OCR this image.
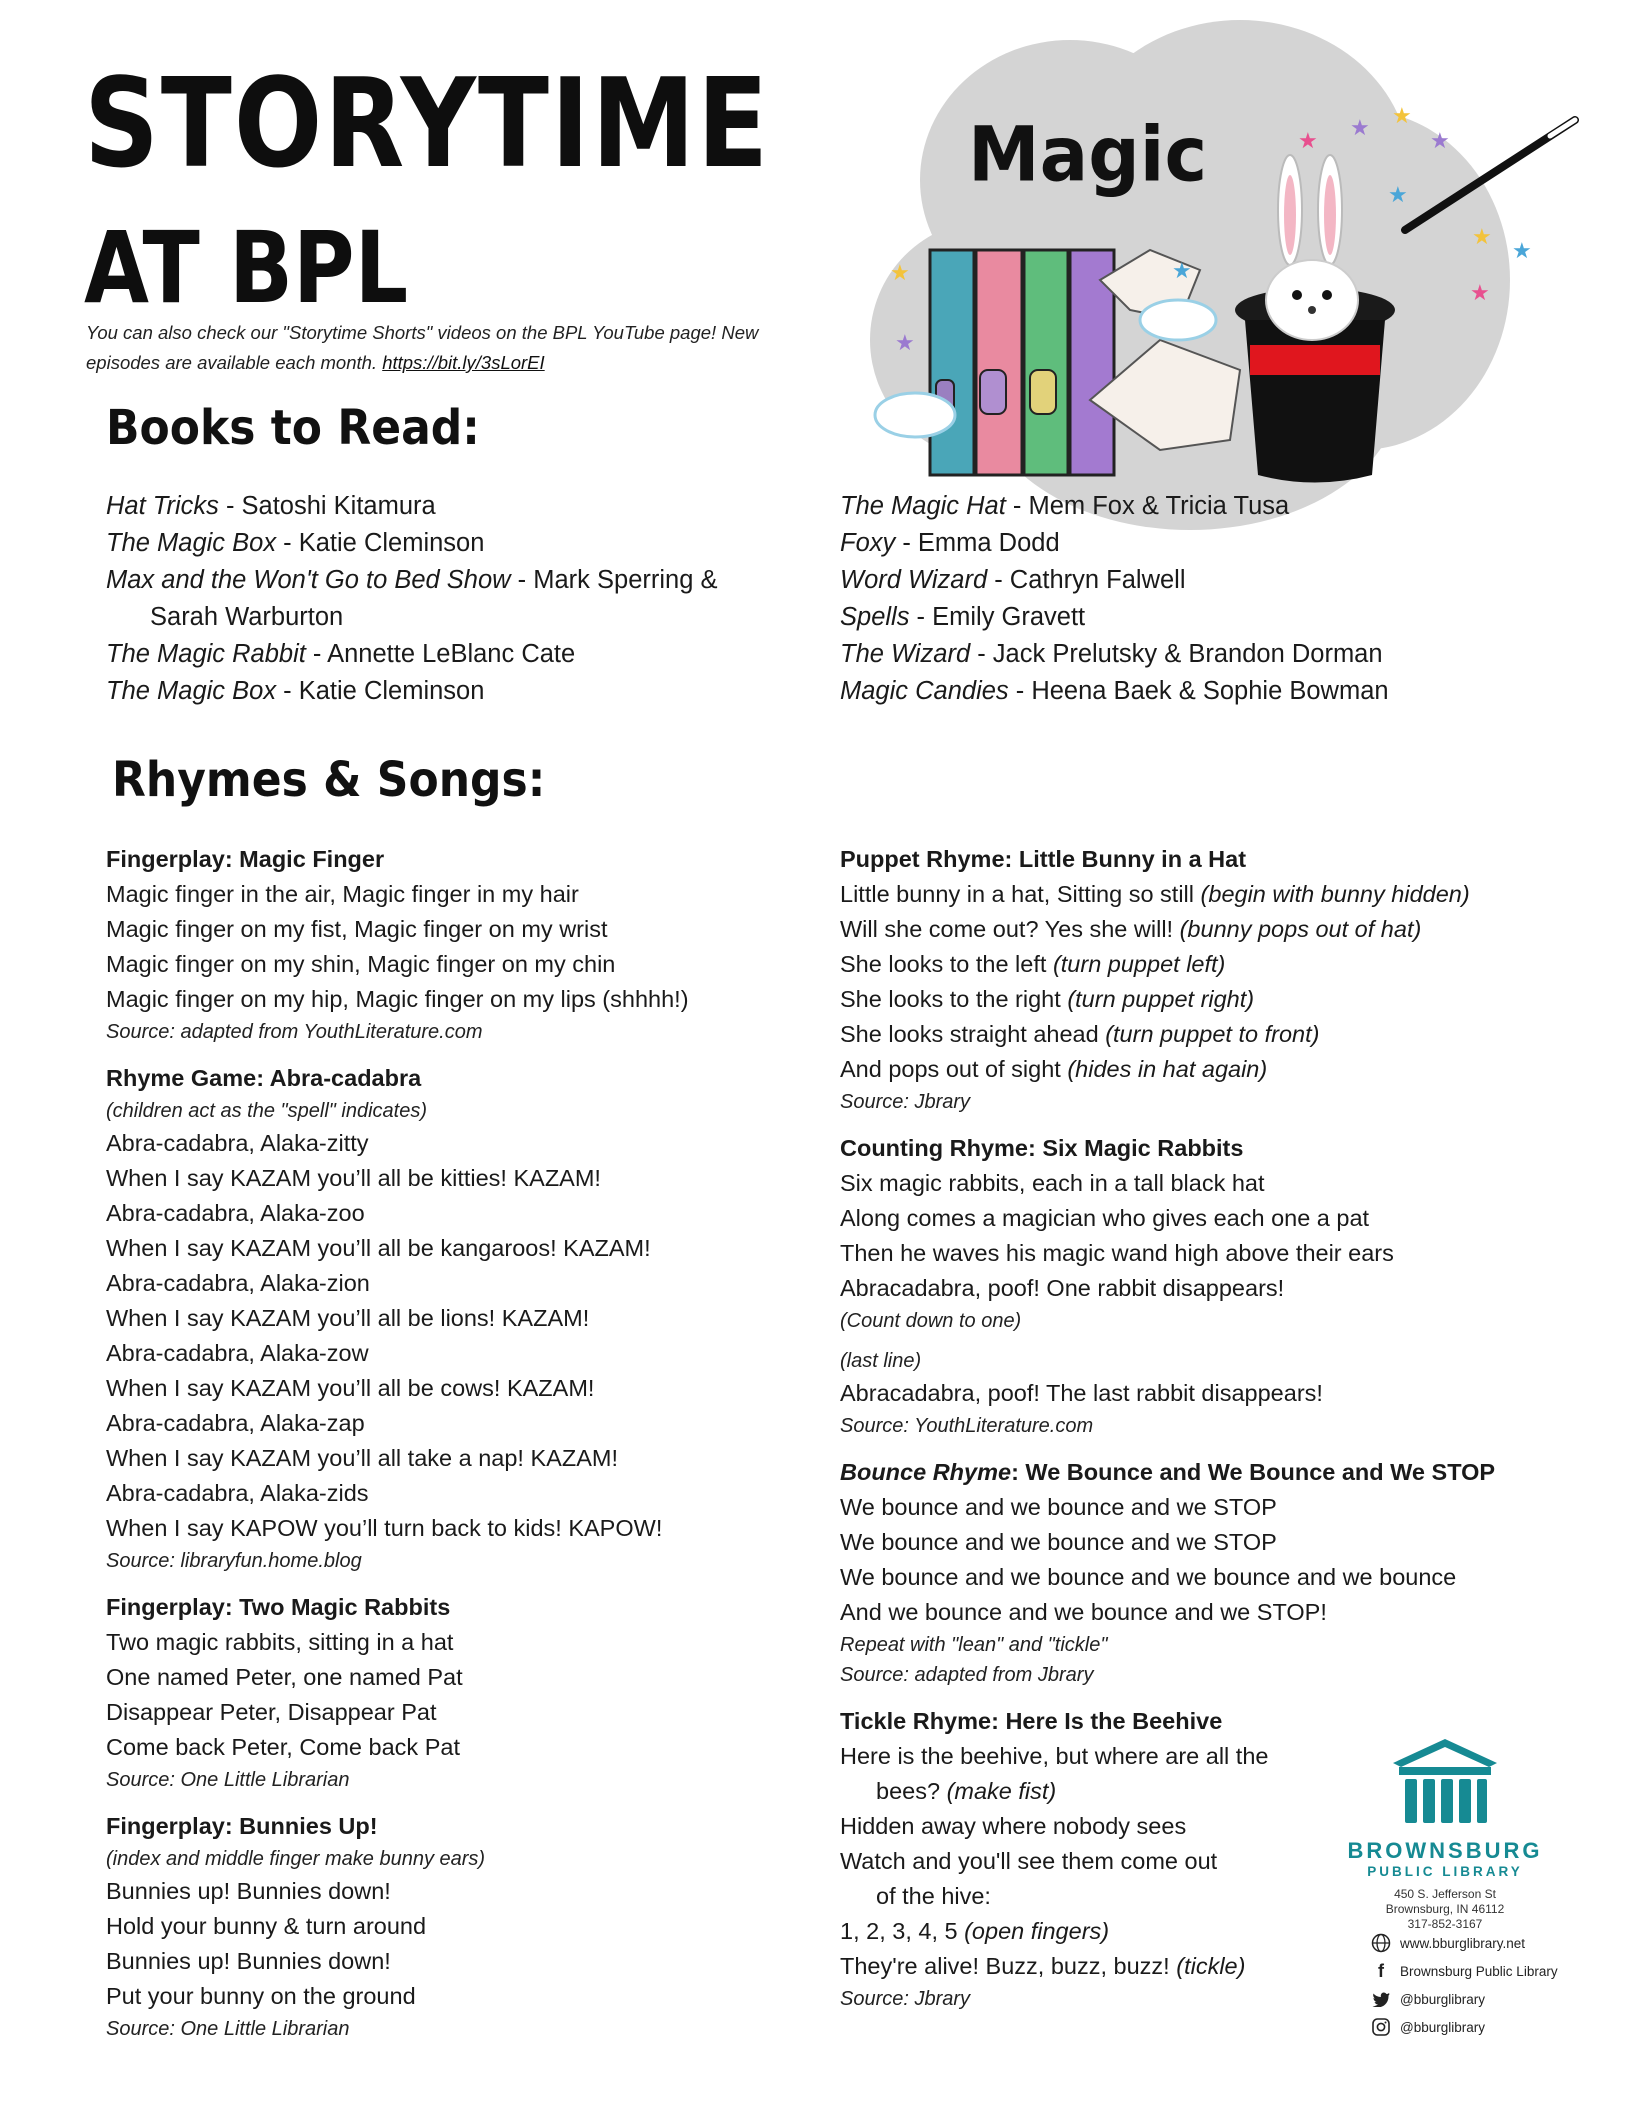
STORYTIME
AT BPL
You can also check our "Storytime Shorts" videos on the BPL YouTube page! New episodes are available each month. https://bit.ly/3sLorEI
★
★ ★
★
★
★
★
★
★
★
★
Magic
Books to Read:
Hat Tricks - Satoshi Kitamura
The Magic Box - Katie Cleminson
Max and the Won't Go to Bed Show - Mark Sperring &
Sarah Warburton
The Magic Rabbit - Annette LeBlanc Cate
The Magic Box - Katie Cleminson
The Magic Hat - Mem Fox & Tricia Tusa
Foxy - Emma Dodd
Word Wizard - Cathryn Falwell
Spells - Emily Gravett
The Wizard - Jack Prelutsky & Brandon Dorman
Magic Candies - Heena Baek & Sophie Bowman
Rhymes & Songs:
Fingerplay: Magic Finger
Magic finger in the air, Magic finger in my hair
Magic finger on my fist, Magic finger on my wrist
Magic finger on my shin, Magic finger on my chin
Magic finger on my hip, Magic finger on my lips (shhhh!)
Source: adapted from YouthLiterature.com
Rhyme Game: Abra-cadabra
(children act as the "spell" indicates)
Abra-cadabra, Alaka-zitty
When I say KAZAM you’ll all be kitties! KAZAM!
Abra-cadabra, Alaka-zoo
When I say KAZAM you’ll all be kangaroos! KAZAM!
Abra-cadabra, Alaka-zion
When I say KAZAM you’ll all be lions! KAZAM!
Abra-cadabra, Alaka-zow
When I say KAZAM you’ll all be cows! KAZAM!
Abra-cadabra, Alaka-zap
When I say KAZAM you’ll all take a nap! KAZAM!
Abra-cadabra, Alaka-zids
When I say KAPOW you’ll turn back to kids! KAPOW!
Source: libraryfun.home.blog
Fingerplay: Two Magic Rabbits
Two magic rabbits, sitting in a hat
One named Peter, one named Pat
Disappear Peter, Disappear Pat
Come back Peter, Come back Pat
Source: One Little Librarian
Fingerplay: Bunnies Up!
(index and middle finger make bunny ears)
Bunnies up! Bunnies down!
Hold your bunny & turn around
Bunnies up! Bunnies down!
Put your bunny on the ground
Source: One Little Librarian
Puppet Rhyme: Little Bunny in a Hat
Little bunny in a hat, Sitting so still (begin with bunny hidden)
Will she come out? Yes she will! (bunny pops out of hat)
She looks to the left (turn puppet left)
She looks to the right (turn puppet right)
She looks straight ahead (turn puppet to front)
And pops out of sight (hides in hat again)
Source: Jbrary
Counting Rhyme: Six Magic Rabbits
Six magic rabbits, each in a tall black hat
Along comes a magician who gives each one a pat
Then he waves his magic wand high above their ears
Abracadabra, poof! One rabbit disappears!
(Count down to one)
(last line)
Abracadabra, poof! The last rabbit disappears!
Source: YouthLiterature.com
Bounce Rhyme: We Bounce and We Bounce and We STOP
We bounce and we bounce and we STOP
We bounce and we bounce and we STOP
We bounce and we bounce and we bounce and we bounce
And we bounce and we bounce and we STOP!
Repeat with "lean" and "tickle"
Source: adapted from Jbrary
Tickle Rhyme: Here Is the Beehive
Here is the beehive, but where are all the
bees? (make fist)
Hidden away where nobody sees
Watch and you'll see them come out
of the hive:
1, 2, 3, 4, 5 (open fingers)
They're alive! Buzz, buzz, buzz! (tickle)
Source: Jbrary
BROWNSBURG
PUBLIC LIBRARY
450 S. Jefferson St
Brownsburg, IN 46112
317-852-3167
www.bburglibrary.net
f	Brownsburg Public Library
@bburglibrary
@bburglibrary
